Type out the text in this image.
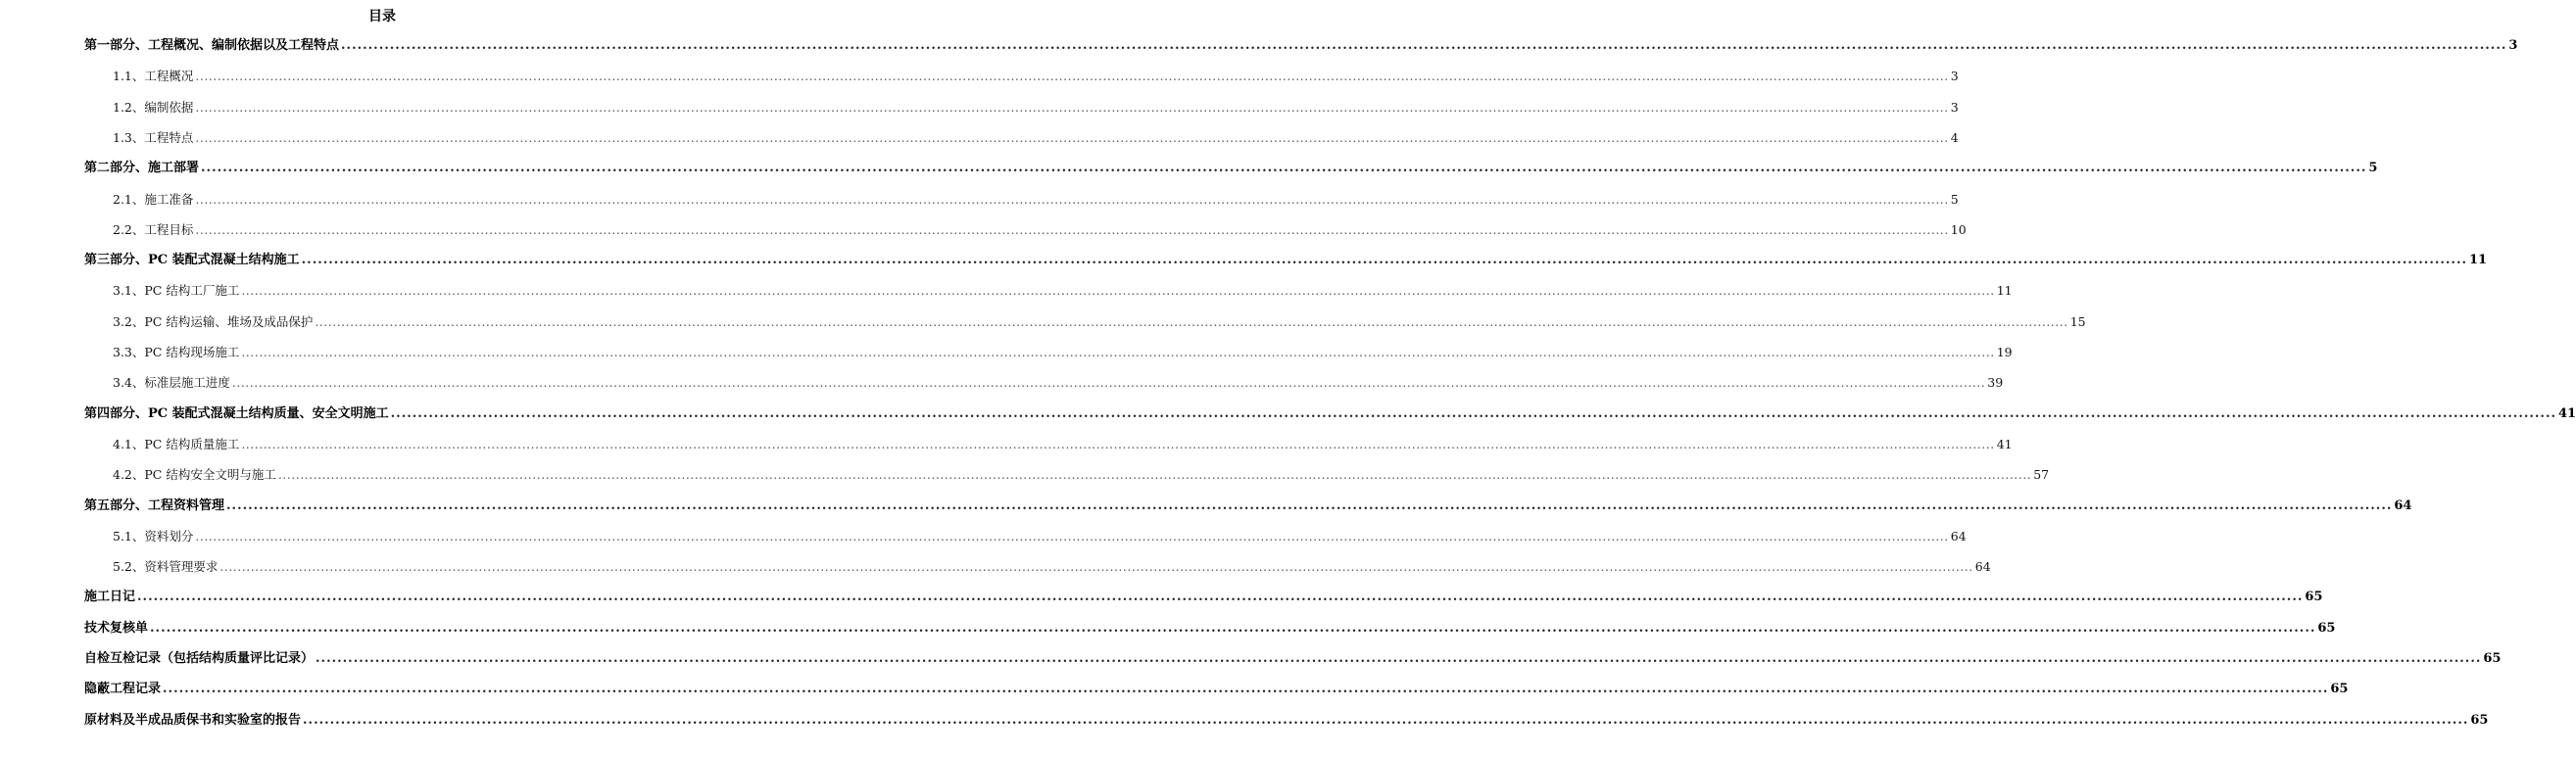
目录
第一部分、工程概况、编制依据以及工程特点 ................................................................................................................................................................................................................................................................................................................................................................................................................ 3
1.1、工程概况 ................................................................................................................................................................................................................................................................................................................................................................................................................ 3
1.2、编制依据 ................................................................................................................................................................................................................................................................................................................................................................................................................ 3
1.3、工程特点 ................................................................................................................................................................................................................................................................................................................................................................................................................ 4
第二部分、施工部署 ................................................................................................................................................................................................................................................................................................................................................................................................................ 5
2.1、施工准备 ................................................................................................................................................................................................................................................................................................................................................................................................................ 5
2.2、工程目标 ................................................................................................................................................................................................................................................................................................................................................................................................................ 10
第三部分、PC 装配式混凝土结构施工 ................................................................................................................................................................................................................................................................................................................................................................................................................ 11
3.1、PC 结构工厂施工 ................................................................................................................................................................................................................................................................................................................................................................................................................ 11
3.2、PC 结构运输、堆场及成品保护 ................................................................................................................................................................................................................................................................................................................................................................................................................ 15
3.3、PC 结构现场施工 ................................................................................................................................................................................................................................................................................................................................................................................................................ 19
3.4、标准层施工进度 ................................................................................................................................................................................................................................................................................................................................................................................................................ 39
第四部分、PC 装配式混凝土结构质量、安全文明施工 ................................................................................................................................................................................................................................................................................................................................................................................................................ 41
4.1、PC 结构质量施工 ................................................................................................................................................................................................................................................................................................................................................................................................................ 41
4.2、PC 结构安全文明与施工 ................................................................................................................................................................................................................................................................................................................................................................................................................ 57
第五部分、工程资料管理 ................................................................................................................................................................................................................................................................................................................................................................................................................ 64
5.1、资料划分 ................................................................................................................................................................................................................................................................................................................................................................................................................ 64
5.2、资料管理要求 ................................................................................................................................................................................................................................................................................................................................................................................................................ 64
施工日记 ................................................................................................................................................................................................................................................................................................................................................................................................................ 65
技术复核单 ................................................................................................................................................................................................................................................................................................................................................................................................................ 65
自检互检记录（包括结构质量评比记录） ................................................................................................................................................................................................................................................................................................................................................................................................................ 65
隐蔽工程记录 ................................................................................................................................................................................................................................................................................................................................................................................................................ 65
原材料及半成品质保书和实验室的报告 ................................................................................................................................................................................................................................................................................................................................................................................................................ 65
